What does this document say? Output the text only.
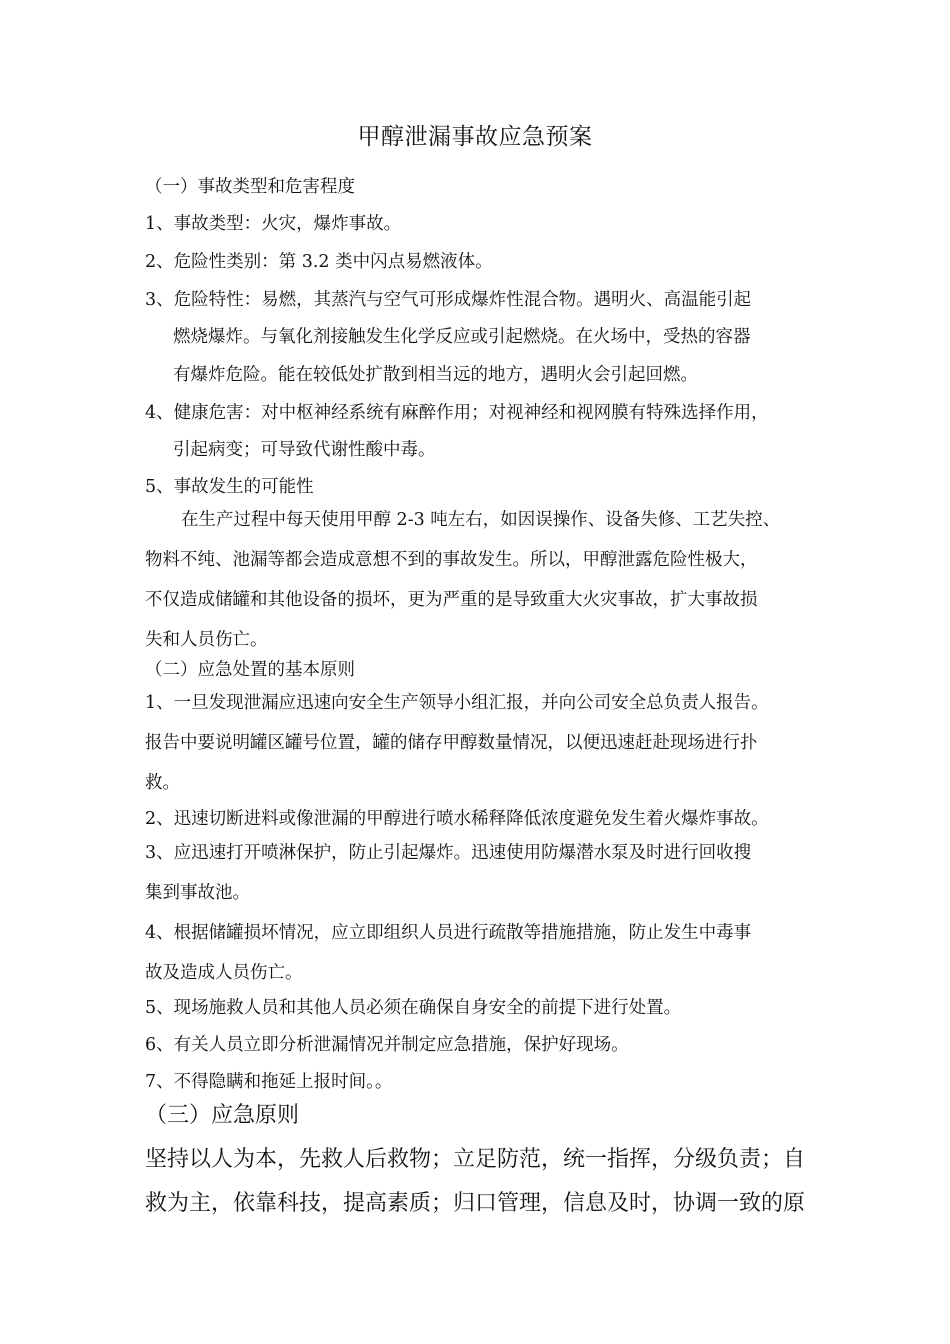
甲醇泄漏事故应急预案
（一）事故类型和危害程度
1、事故类型：火灾，爆炸事故。
2、危险性类别：第 3.2 类中闪点易燃液体。
3、危险特性：易燃，其蒸汽与空气可形成爆炸性混合物。遇明火、高温能引起
燃烧爆炸。与氧化剂接触发生化学反应或引起燃烧。在火场中，受热的容器
有爆炸危险。能在较低处扩散到相当远的地方，遇明火会引起回燃。
4、健康危害：对中枢神经系统有麻醉作用；对视神经和视网膜有特殊选择作用，
引起病变；可导致代谢性酸中毒。
5、事故发生的可能性
在生产过程中每天使用甲醇 2-3 吨左右，如因误操作、设备失修、工艺失控、
物料不纯、池漏等都会造成意想不到的事故发生。所以，甲醇泄露危险性极大，
不仅造成储罐和其他设备的损坏，更为严重的是导致重大火灾事故，扩大事故损
失和人员伤亡。
（二）应急处置的基本原则
1、一旦发现泄漏应迅速向安全生产领导小组汇报，并向公司安全总负责人报告。
报告中要说明罐区罐号位置，罐的储存甲醇数量情况，以便迅速赶赴现场进行扑
救。
2、迅速切断进料或像泄漏的甲醇进行喷水稀释降低浓度避免发生着火爆炸事故。
3、应迅速打开喷淋保护，防止引起爆炸。迅速使用防爆潜水泵及时进行回收搜
集到事故池。
4、根据储罐损坏情况，应立即组织人员进行疏散等措施措施，防止发生中毒事
故及造成人员伤亡。
5、现场施救人员和其他人员必须在确保自身安全的前提下进行处置。
6、有关人员立即分析泄漏情况并制定应急措施，保护好现场。
7、不得隐瞒和拖延上报时间。。
（三）应急原则
坚持以人为本，先救人后救物；立足防范，统一指挥，分级负责；自
救为主，依靠科技，提高素质；归口管理，信息及时，协调一致的原
